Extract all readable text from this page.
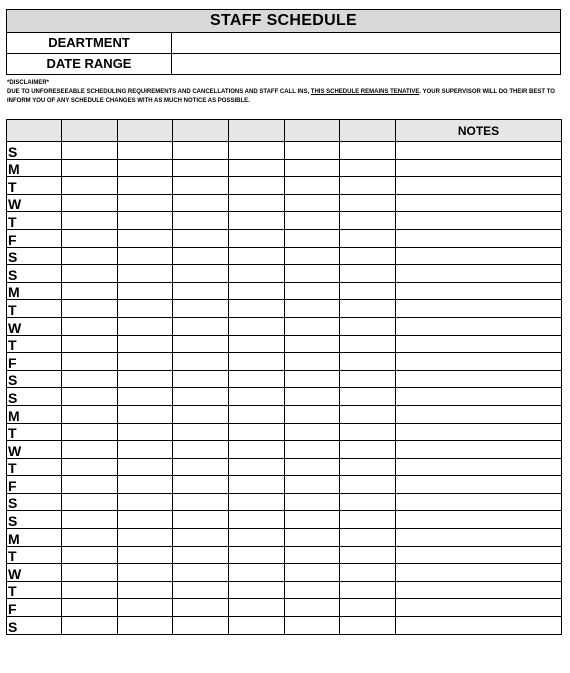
STAFF SCHEDULE
DEARTMENT
DATE RANGE
*DISCLAIMER*
DUE TO UNFORESEEABLE SCHEDULING REQUIREMENTS AND CANCELLATIONS AND STAFF CALL INS, THIS SCHEDULE REMAINS TENATIVE. YOUR SUPERVISOR WILL DO THEIR BEST TO INFORM YOU OF ANY SCHEDULE CHANGES WITH AS MUCH NOTICE AS POSSIBLE.
							NOTES
S							
M							
T							
W							
T							
F							
S							
S							
M							
T							
W							
T							
F							
S							
S							
M							
T							
W							
T							
F							
S							
S							
M							
T							
W							
T							
F							
S							
